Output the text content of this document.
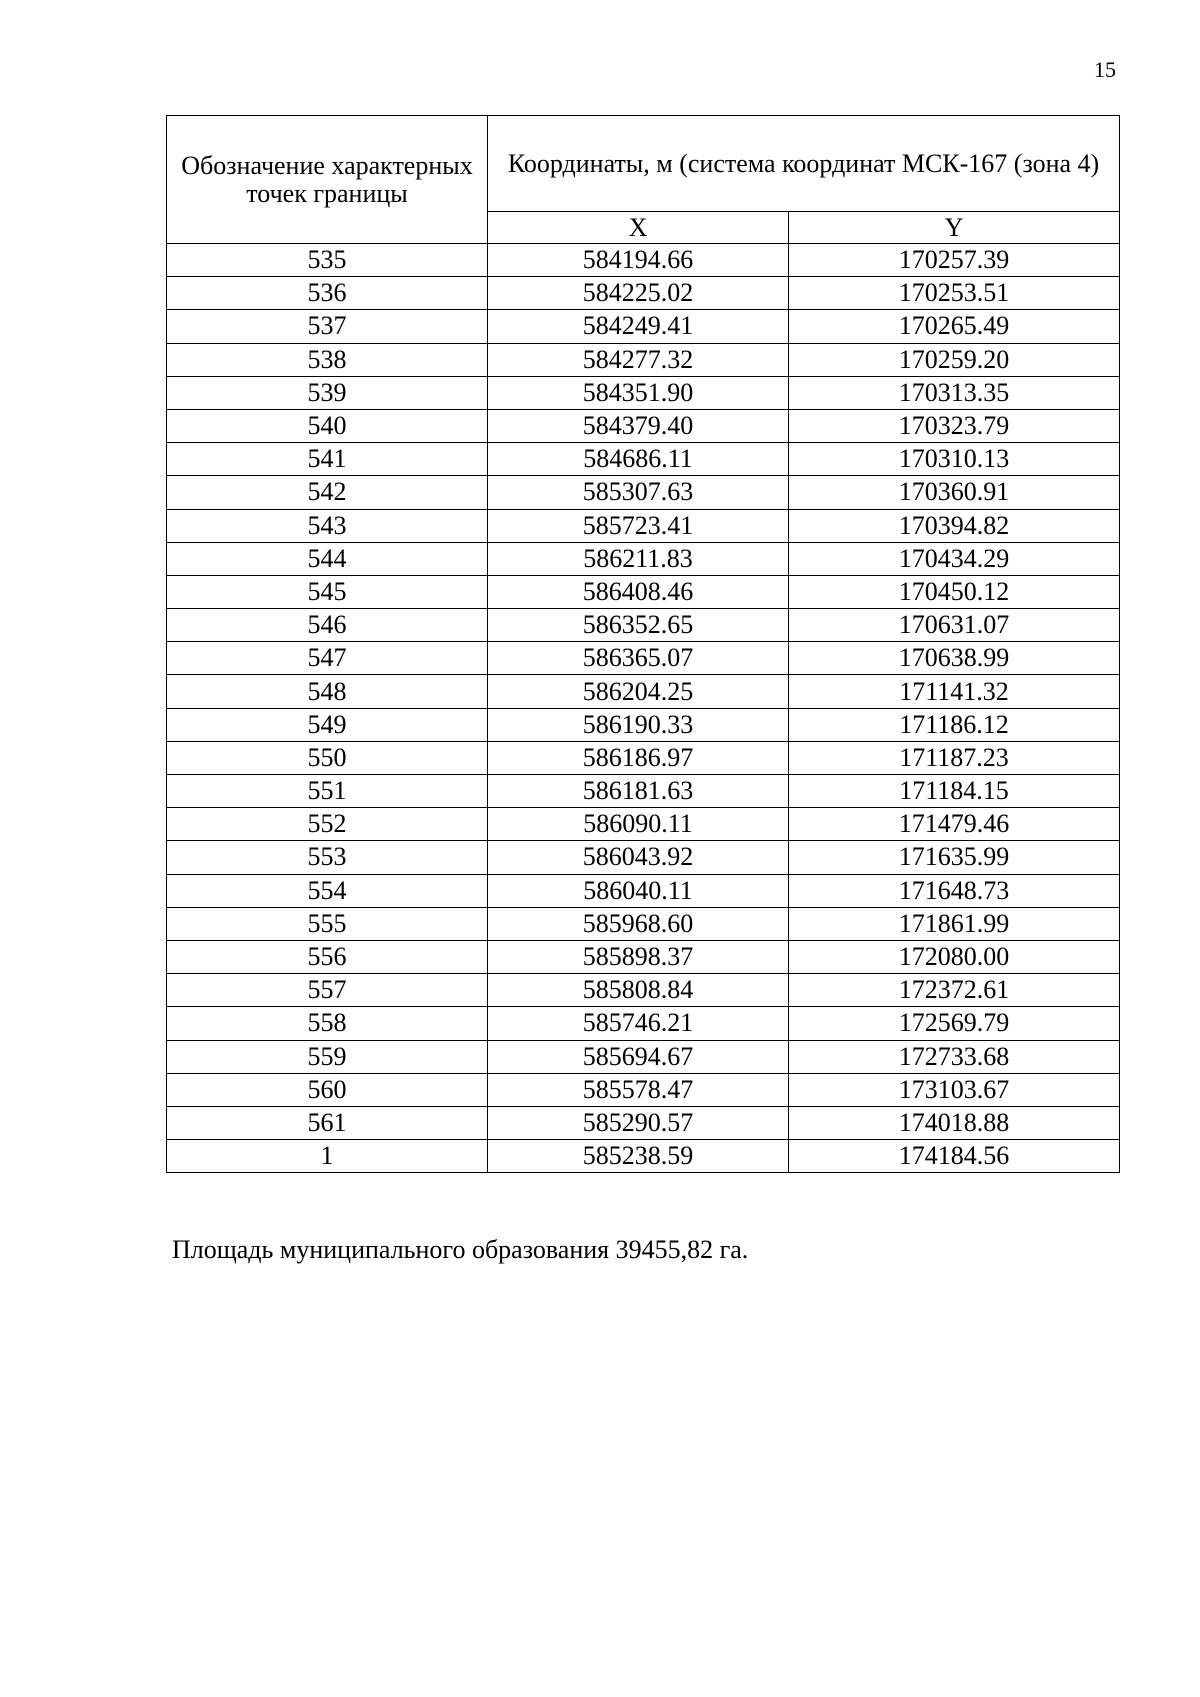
15
Обозначение характерных точек границы	Координаты, м (система координат МСК-167 (зона 4)	
	X	Y
535	584194.66	170257.39
536	584225.02	170253.51
537	584249.41	170265.49
538	584277.32	170259.20
539	584351.90	170313.35
540	584379.40	170323.79
541	584686.11	170310.13
542	585307.63	170360.91
543	585723.41	170394.82
544	586211.83	170434.29
545	586408.46	170450.12
546	586352.65	170631.07
547	586365.07	170638.99
548	586204.25	171141.32
549	586190.33	171186.12
550	586186.97	171187.23
551	586181.63	171184.15
552	586090.11	171479.46
553	586043.92	171635.99
554	586040.11	171648.73
555	585968.60	171861.99
556	585898.37	172080.00
557	585808.84	172372.61
558	585746.21	172569.79
559	585694.67	172733.68
560	585578.47	173103.67
561	585290.57	174018.88
1	585238.59	174184.56
Площадь муниципального образования 39455,82 га.
